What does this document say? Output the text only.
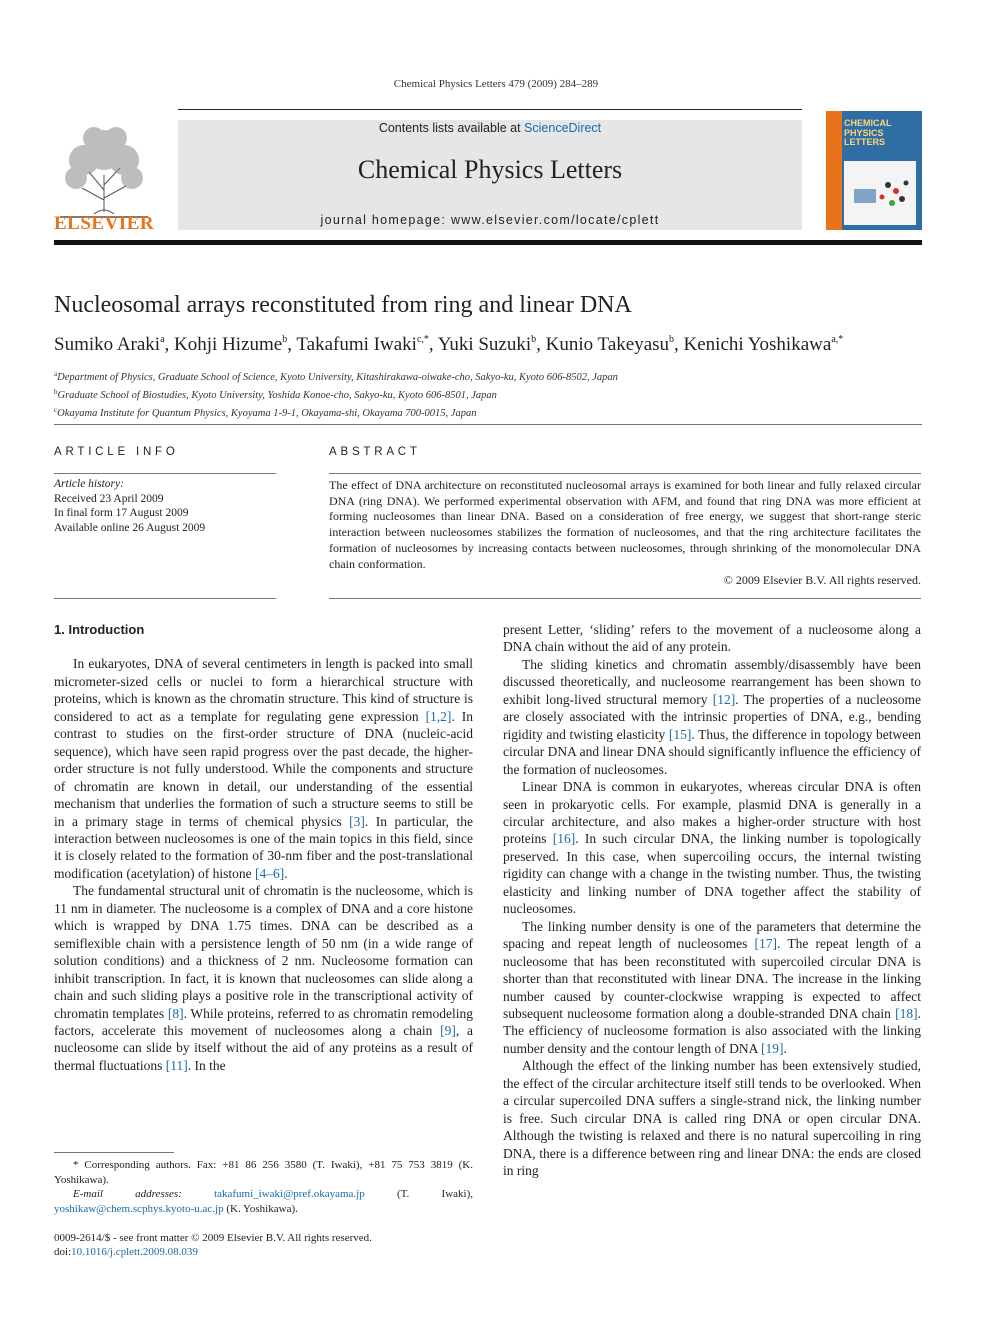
Chemical Physics Letters 479 (2009) 284–289
ELSEVIER
Contents lists available at ScienceDirect
Chemical Physics Letters
journal homepage: www.elsevier.com/locate/cplett
CHEMICAL PHYSICS LETTERS
Nucleosomal arrays reconstituted from ring and linear DNA
Sumiko Araki$^a$, Kohji Hizume$^b$, Takafumi Iwaki$^{c,*}$, Yuki Suzuki$^b$, Kunio Takeyasu$^b$, Kenichi Yoshikawa$^{a,*}$
$^a$Department of Physics, Graduate School of Science, Kyoto University, Kitashirakawa-oiwake-cho, Sakyo-ku, Kyoto 606-8502, Japan
$^b$Graduate School of Biostudies, Kyoto University, Yoshida Konoe-cho, Sakyo-ku, Kyoto 606-8501, Japan
$^c$Okayama Institute for Quantum Physics, Kyoyama 1-9-1, Okayama-shi, Okayama 700-0015, Japan
ARTICLE INFO
Article history:
Received 23 April 2009
In final form 17 August 2009
Available online 26 August 2009
ABSTRACT
The effect of DNA architecture on reconstituted nucleosomal arrays is examined for both linear and fully relaxed circular DNA (ring DNA). We performed experimental observation with AFM, and found that ring DNA was more efficient at forming nucleosomes than linear DNA. Based on a consideration of free energy, we suggest that short-range steric interaction between nucleosomes stabilizes the formation of nucleosomes, and that the ring architecture facilitates the formation of nucleosomes by increasing contacts between nucleosomes, through shrinking of the monomolecular DNA chain conformation.
© 2009 Elsevier B.V. All rights reserved.
1. Introduction

In eukaryotes, DNA of several centimeters in length is packed into small micrometer-sized cells or nuclei to form a hierarchical structure with proteins, which is known as the chromatin structure. This kind of structure is considered to act as a template for regulating gene expression [1,2]. In contrast to studies on the first-order structure of DNA (nucleic-acid sequence), which have seen rapid progress over the past decade, the higher-order structure is not fully understood. While the components and structure of chromatin are known in detail, our understanding of the essential mechanism that underlies the formation of such a structure seems to still be in a primary stage in terms of chemical physics [3]. In particular, the interaction between nucleosomes is one of the main topics in this field, since it is closely related to the formation of 30-nm fiber and the post-translational modification (acetylation) of histone [4–6].

The fundamental structural unit of chromatin is the nucleosome, which is 11 nm in diameter. The nucleosome is a complex of DNA and a core histone which is wrapped by DNA 1.75 times. DNA can be described as a semiflexible chain with a persistence length of 50 nm (in a wide range of solution conditions) and a thickness of 2 nm. Nucleosome formation can inhibit transcription. In fact, it is known that nucleosomes can slide along a chain and such sliding plays a positive role in the transcriptional activity of chromatin templates [8]. While proteins, referred to as chromatin remodeling factors, accelerate this movement of nucleosomes along a chain [9], a nucleosome can slide by itself without the aid of any proteins as a result of thermal fluctuations [11]. In the

present Letter, ‘sliding’ refers to the movement of a nucleosome along a DNA chain without the aid of any protein.

The sliding kinetics and chromatin assembly/disassembly have been discussed theoretically, and nucleosome rearrangement has been shown to exhibit long-lived structural memory [12]. The properties of a nucleosome are closely associated with the intrinsic properties of DNA, e.g., bending rigidity and twisting elasticity [15]. Thus, the difference in topology between circular DNA and linear DNA should significantly influence the efficiency of the formation of nucleosomes.

Linear DNA is common in eukaryotes, whereas circular DNA is often seen in prokaryotic cells. For example, plasmid DNA is generally in a circular architecture, and also makes a higher-order structure with host proteins [16]. In such circular DNA, the linking number is topologically preserved. In this case, when supercoiling occurs, the internal twisting rigidity can change with a change in the twisting number. Thus, the twisting elasticity and linking number of DNA together affect the stability of nucleosomes.

The linking number density is one of the parameters that determine the spacing and repeat length of nucleosomes [17]. The repeat length of a nucleosome that has been reconstituted with supercoiled circular DNA is shorter than that reconstituted with linear DNA. The increase in the linking number caused by counter-clockwise wrapping is expected to affect subsequent nucleosome formation along a double-stranded DNA chain [18]. The efficiency of nucleosome formation is also associated with the linking number density and the contour length of DNA [19].

Although the effect of the linking number has been extensively studied, the effect of the circular architecture itself still tends to be overlooked. When a circular supercoiled DNA suffers a single-strand nick, the linking number is free. Such circular DNA is called ring DNA or open circular DNA. Although the twisting is relaxed and there is no natural supercoiling in ring DNA, there is a difference between ring and linear DNA: the ends are closed in ring

* Corresponding authors. Fax: +81 86 256 3580 (T. Iwaki), +81 75 753 3819 (K. Yoshikawa).

E-mail addresses: takafumi_iwaki@pref.okayama.jp (T. Iwaki), yoshikaw@chem.scphys.kyoto-u.ac.jp (K. Yoshikawa).

0009-2614/$ - see front matter © 2009 Elsevier B.V. All rights reserved.
doi:10.1016/j.cplett.2009.08.039
